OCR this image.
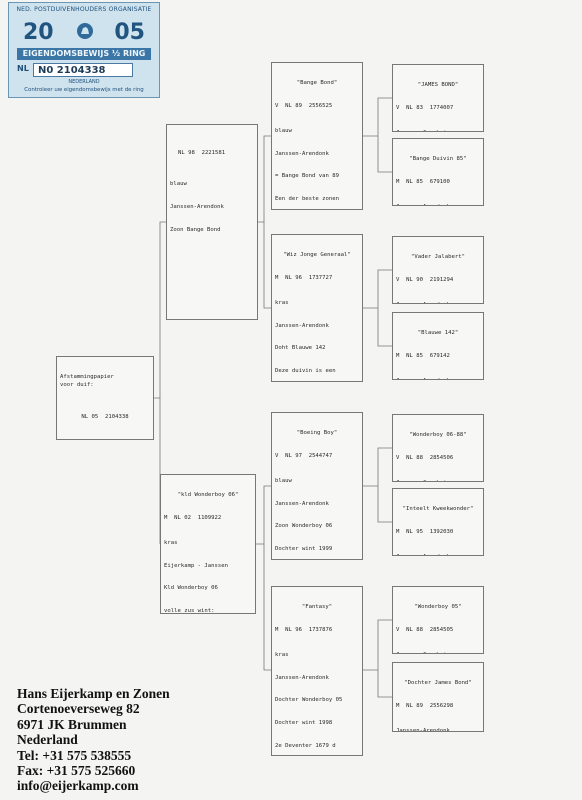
NED. POSTDUIVENHOUDERS ORGANISATIE
20	05
EIGENDOMSBEWIJS ½ RING
NL N0 2104338
NEDERLAND
Controleer uw eigendomsbewijs met de ring

Afstammingpapier
voor duif:

NL 05  2104338

NL 98  2221581

blauw

Janssen-Arendonk

Zoon Bange Bond

"kld Wonderboy 06"

M NL 02  1109922

kras

Eijerkamp - Janssen

Kld Wonderboy 06

volle zus wint:

"Bange Bond"

V NL 89  2556525

blauw

Janssen-Arendonk

= Bange Bond van 89

Een der beste zonen

"Wiz Jonge Generaal"

M NL 96  1737727

kras

Janssen-Arendonk

Doht Blauwe 142

Deze duivin is een

"Boeing Boy"

V NL 97  2544747

blauw

Janssen-Arendonk

Zoon Wonderboy 06

Dochter wint 1999

"Fantasy"

M NL 96  1737876

kras

Janssen-Arendonk

Dochter Wonderboy 05

Dochter wint 1998

2e Deventer 1679 d

"JAMES BOND"

V NL 83  1774007

"Bange Duivin 85"

M NL 85  679100

"Vader Jalabert"

V NL 90  2191294

"Blauwe 142"

M NL 85  679142

"Wonderboy 06-88"

V NL 88  2854506

"Inteelt Kweekwonder"

M NL 95  1392030

"Wonderboy 05"

V NL 88  2854505

"Dochter James Bond"

M NL 89  2556298

Janssen-Arendonk

Hans Eijerkamp en Zonen
Cortenoeverseweg 82
6971 JK Brummen
Nederland
Tel: +31 575 538555
Fax: +31 575 525660
info@eijerkamp.com
